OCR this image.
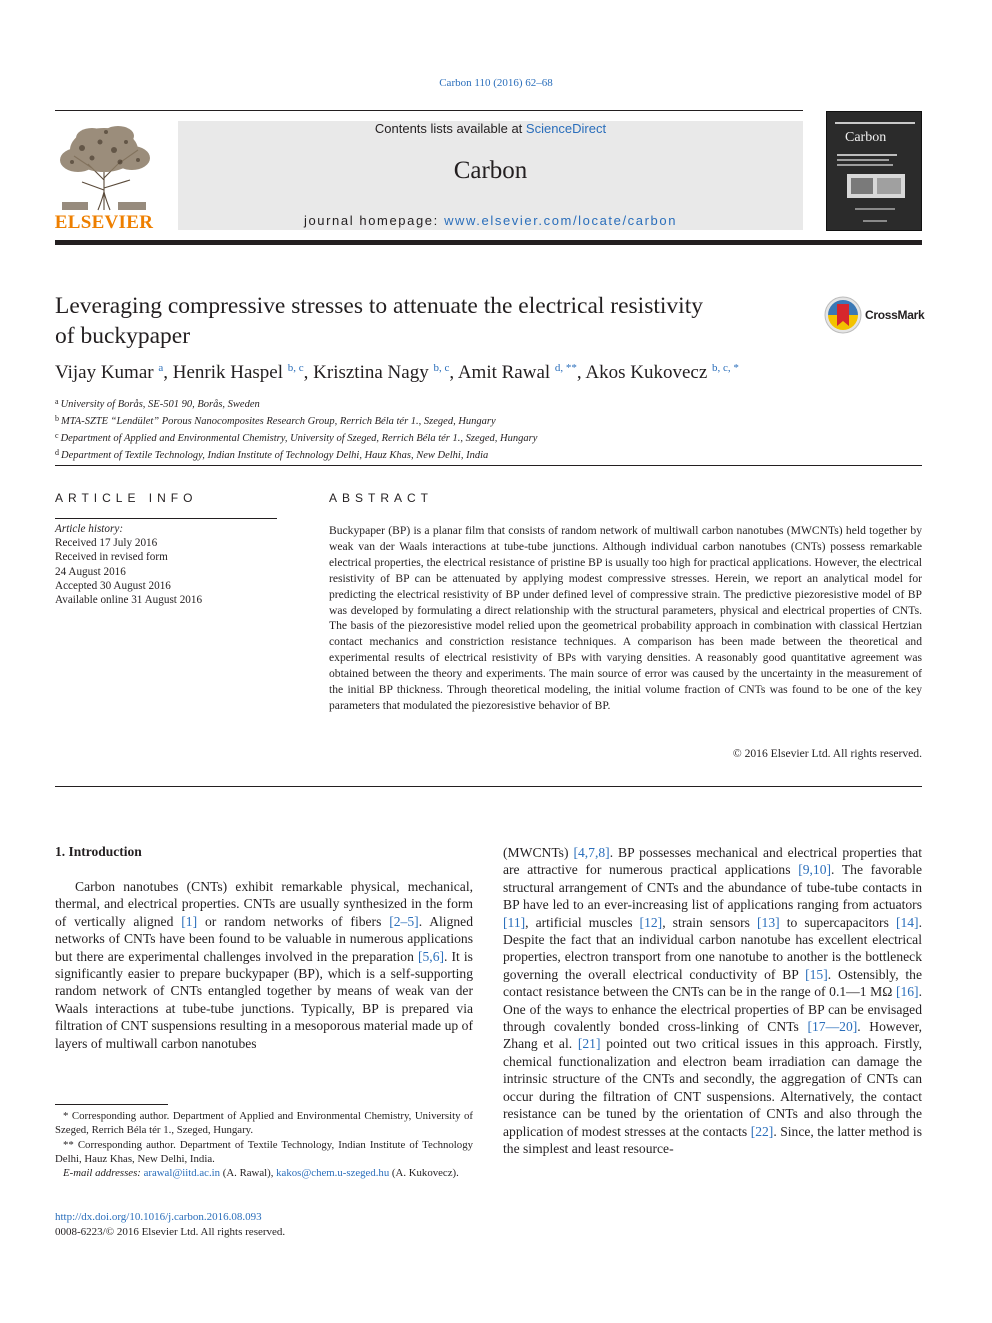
Carbon 110 (2016) 62–68
ELSEVIER
Contents lists available at ScienceDirect
Carbon
journal homepage: www.elsevier.com/locate/carbon
Carbon
Leveraging compressive stresses to attenuate the electrical resistivity
of buckypaper
CrossMark
Vijay Kumar $^a$, Henrik Haspel $^{b, c}$, Krisztina Nagy $^{b, c}$, Amit Rawal $^{d, **}$, Akos Kukovecz $^{b, c, *}$
$^a$ University of Borås, SE-501 90, Borås, Sweden
$^b$ MTA-SZTE “Lendület” Porous Nanocomposites Research Group, Rerrich Béla tér 1., Szeged, Hungary
$^c$ Department of Applied and Environmental Chemistry, University of Szeged, Rerrich Béla tér 1., Szeged, Hungary
$^d$ Department of Textile Technology, Indian Institute of Technology Delhi, Hauz Khas, New Delhi, India
ARTICLE INFO
Article history:
Received 17 July 2016
Received in revised form
24 August 2016
Accepted 30 August 2016
Available online 31 August 2016
ABSTRACT
Buckypaper (BP) is a planar film that consists of random network of multiwall carbon nanotubes (MWCNTs) held together by weak van der Waals interactions at tube-tube junctions. Although individual carbon nanotubes (CNTs) possess remarkable electrical properties, the electrical resistance of pristine BP is usually too high for practical applications. However, the electrical resistivity of BP can be attenuated by applying modest compressive stresses. Herein, we report an analytical model for predicting the electrical resistivity of BP under defined level of compressive strain. The predictive piezoresistive model of BP was developed by formulating a direct relationship with the structural parameters, physical and electrical properties of CNTs. The basis of the piezoresistive model relied upon the geometrical probability approach in combination with classical Hertzian contact mechanics and constriction resistance techniques. A comparison has been made between the theoretical and experimental results of electrical resistivity of BPs with varying densities. A reasonably good quantitative agreement was obtained between the theory and experiments. The main source of error was caused by the uncertainty in the measurement of the initial BP thickness. Through theoretical modeling, the initial volume fraction of CNTs was found to be one of the key parameters that modulated the piezoresistive behavior of BP.
© 2016 Elsevier Ltd. All rights reserved.
1. Introduction
Carbon nanotubes (CNTs) exhibit remarkable physical, mechanical, thermal, and electrical properties. CNTs are usually synthesized in the form of vertically aligned [1] or random networks of fibers [2–5]. Aligned networks of CNTs have been found to be valuable in numerous applications but there are experimental challenges involved in the preparation [5,6]. It is significantly easier to prepare buckypaper (BP), which is a self-supporting random network of CNTs entangled together by means of weak van der Waals interactions at tube-tube junctions. Typically, BP is prepared via filtration of CNT suspensions resulting in a mesoporous material made up of layers of multiwall carbon nanotubes
(MWCNTs) [4,7,8]. BP possesses mechanical and electrical properties that are attractive for numerous practical applications [9,10]. The favorable structural arrangement of CNTs and the abundance of tube-tube contacts in BP have led to an ever-increasing list of applications ranging from actuators [11], artificial muscles [12], strain sensors [13] to supercapacitors [14]. Despite the fact that an individual carbon nanotube has excellent electrical properties, electron transport from one nanotube to another is the bottleneck governing the overall electrical conductivity of BP [15]. Ostensibly, the contact resistance between the CNTs can be in the range of 0.1—1 MΩ [16]. One of the ways to enhance the electrical properties of BP can be envisaged through covalently bonded cross-linking of CNTs [17—20]. However, Zhang et al. [21] pointed out two critical issues in this approach. Firstly, chemical functionalization and electron beam irradiation can damage the intrinsic structure of the CNTs and secondly, the aggregation of CNTs can occur during the filtration of CNT suspensions. Alternatively, the contact resistance can be tuned by the orientation of CNTs and also through the application of modest stresses at the contacts [22]. Since, the latter method is the simplest and least resource-
* Corresponding author. Department of Applied and Environmental Chemistry, University of Szeged, Rerrich Béla tér 1., Szeged, Hungary.
** Corresponding author. Department of Textile Technology, Indian Institute of Technology Delhi, Hauz Khas, New Delhi, India.
E-mail addresses: arawal@iitd.ac.in (A. Rawal), kakos@chem.u-szeged.hu (A. Kukovecz).
http://dx.doi.org/10.1016/j.carbon.2016.08.093
0008-6223/© 2016 Elsevier Ltd. All rights reserved.
